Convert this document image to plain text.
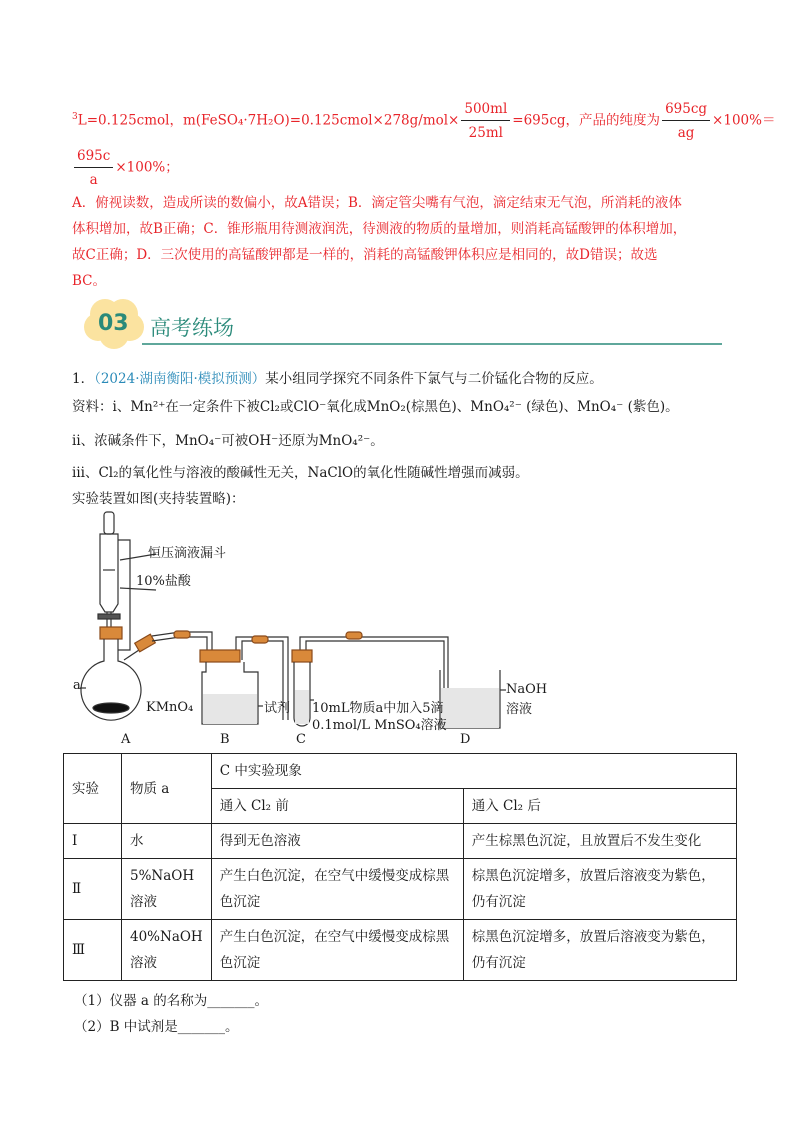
$^3$L=0.125cmol，m(FeSO₄·7H₂O)=0.125cmol×278g/mol× $\frac{500ml}{25ml} =695cg$，产品的纯度为 $\frac{695cg}{ag} \times 100\%=$
$\frac{695c}{a} \times 100\%$；
A．俯视读数，造成所读的数偏小，故A错误；B．滴定管尖嘴有气泡，滴定结束无气泡，所消耗的液体
体积增加，故B正确；C．锥形瓶用待测液润洗，待测液的物质的量增加，则消耗高锰酸钾的体积增加，
故C正确；D．三次使用的高锰酸钾都是一样的，消耗的高锰酸钾体积应是相同的，故D错误；故选
BC。
03 高考练场
1．（2024·湖南衡阳·模拟预测）某小组同学探究不同条件下氯气与二价锰化合物的反应。
资料：ⅰ、Mn²⁺在一定条件下被Cl₂或ClO⁻氧化成MnO₂(棕黑色)、MnO₄²⁻ (绿色)、MnO₄⁻ (紫色)。
ⅱ、浓碱条件下，MnO₄⁻可被OH⁻还原为MnO₄²⁻。
ⅲ、Cl₂的氧化性与溶液的酸碱性无关，NaClO的氧化性随碱性增强而减弱。
实验装置如图(夹持装置略)：
恒压滴液漏斗
10%盐酸
a
KMnO₄	试剂 10mL物质a中加入5滴
0.1mol/L MnSO₄溶液
NaOH
溶液
A	B	C	D
实验	物质 a	C 中实验现象	
		通入 Cl₂ 前	通入 Cl₂ 后
Ⅰ	水	得到无色溶液	产生棕黑色沉淀，且放置后不发生变化
Ⅱ	5%NaOH 溶液	产生白色沉淀，在空气中缓慢变成棕黑色沉淀	棕黑色沉淀增多，放置后溶液变为紫色，仍有沉淀
Ⅲ	40%NaOH 溶液	产生白色沉淀，在空气中缓慢变成棕黑色沉淀	棕黑色沉淀增多，放置后溶液变为紫色，仍有沉淀
（1）仪器 a 的名称为_______。
（2）B 中试剂是_______。
